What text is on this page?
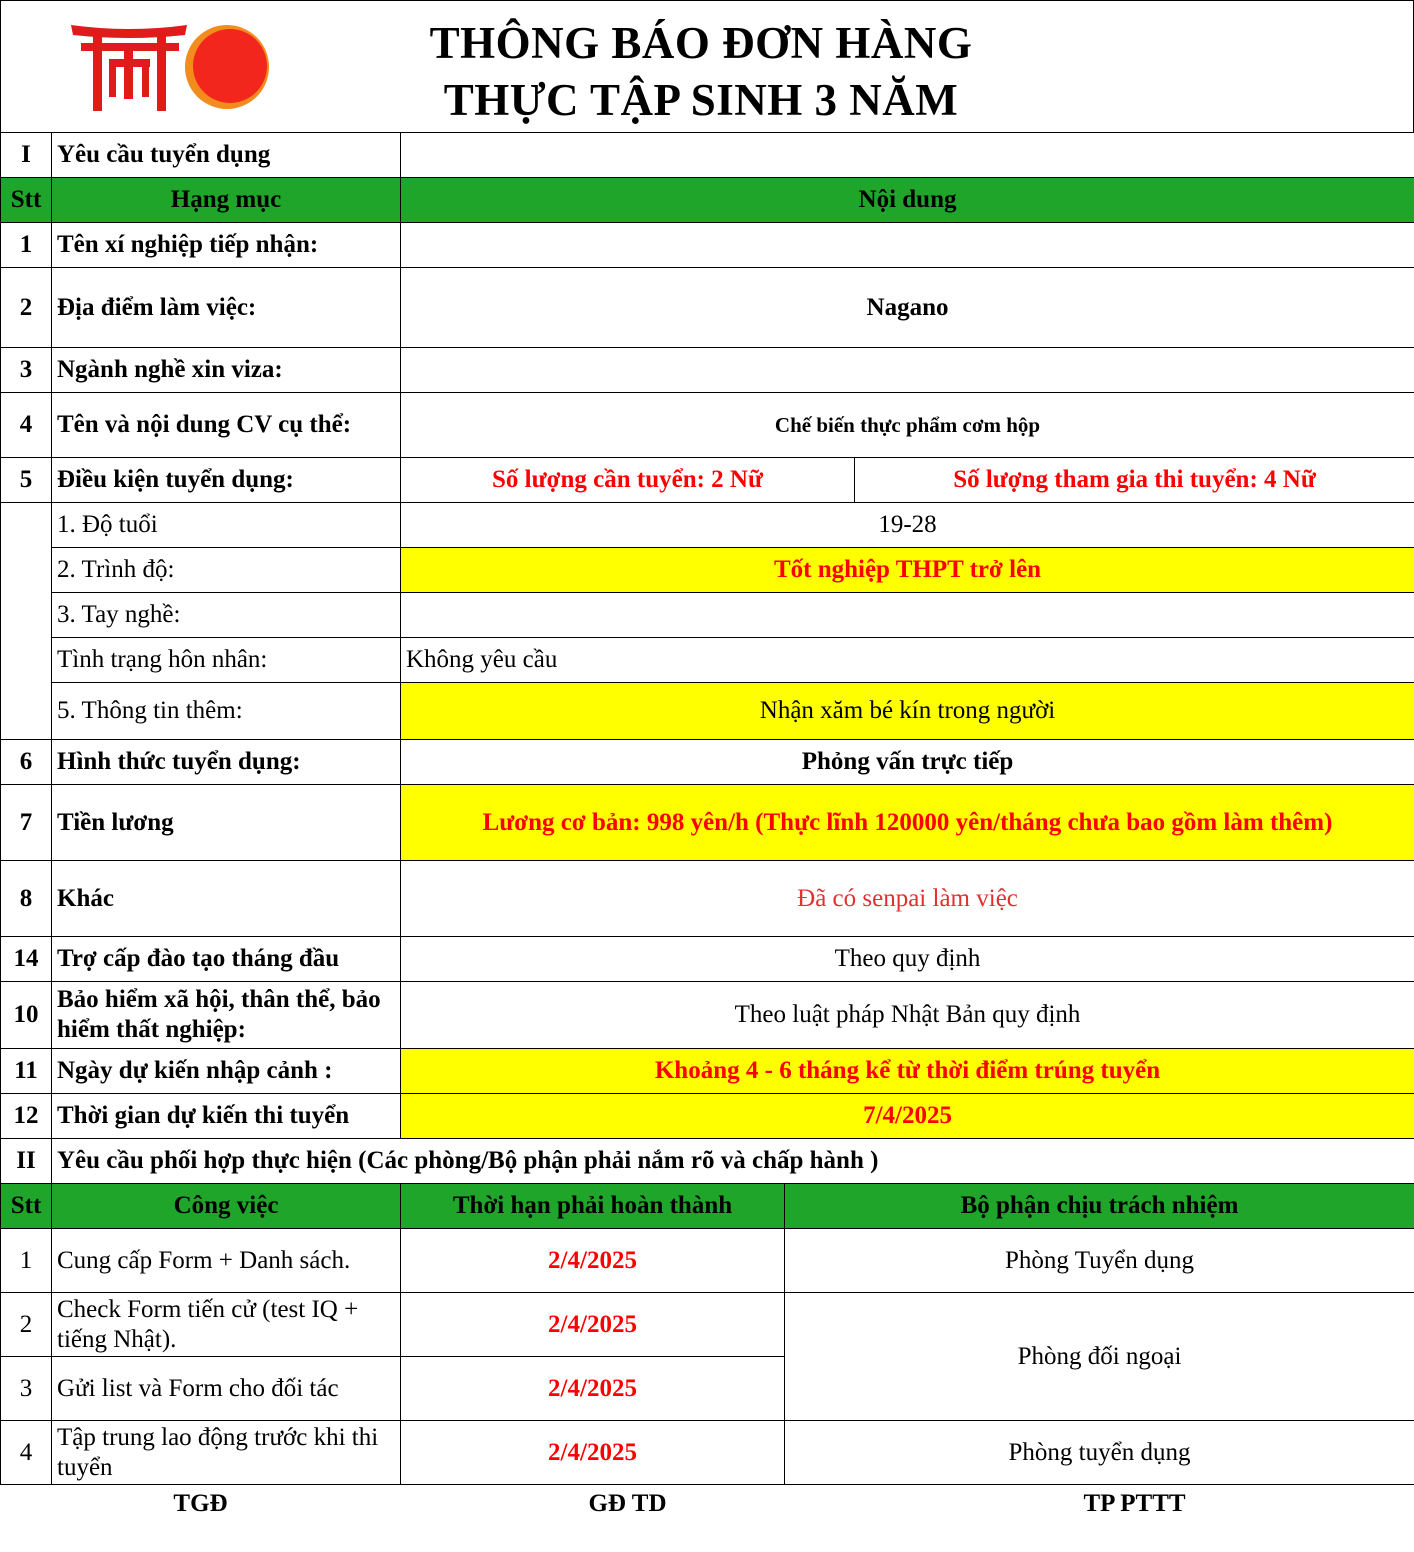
THÔNG BÁO ĐƠN HÀNG
THỰC TẬP SINH 3 NĂM
I	Yêu cầu tuyển dụng			
Stt	Hạng mục	Nội dung		
1	Tên xí nghiệp tiếp nhận:			
2	Địa điểm làm việc:	Nagano		
3	Ngành nghề xin viza:			
4	Tên và nội dung CV cụ thể:	Chế biến thực phẩm cơm hộp		
5	Điều kiện tuyển dụng:	Số lượng cần tuyển: 2 Nữ		Số lượng tham gia thi tuyển: 4 Nữ
	1. Độ tuổi	19-28		
	2. Trình độ:	Tốt nghiệp THPT trở lên		
	3. Tay nghề:			
	Tình trạng hôn nhân:	Không yêu cầu		
	5. Thông tin thêm:	Nhận xăm bé kín trong người		
6	Hình thức tuyển dụng:	Phỏng vấn trực tiếp		
7	Tiền lương	Lương cơ bản: 998 yên/h (Thực lĩnh 120000 yên/tháng chưa bao gồm làm thêm)		
8	Khác	Đã có senpai làm việc		
14	Trợ cấp đào tạo tháng đầu	Theo quy định		
10	Bảo hiểm xã hội, thân thể, bảo hiểm thất nghiệp:	Theo luật pháp Nhật Bản quy định		
11	Ngày dự kiến nhập cảnh :	Khoảng 4 - 6 tháng kể từ thời điểm trúng tuyển		
12	Thời gian dự kiến thi tuyển	7/4/2025		
II	Yêu cầu phối hợp thực hiện (Các phòng/Bộ phận phải nắm rõ và chấp hành )			
Stt	Công việc	Thời hạn phải hoàn thành	Bộ phận chịu trách nhiệm	
1	Cung cấp Form + Danh sách.	2/4/2025	Phòng Tuyển dụng	
2	Check Form tiến cử (test IQ + tiếng Nhật).	2/4/2025	Phòng đối ngoại	
3	Gửi list và Form cho đối tác	2/4/2025		
4	Tập trung lao động trước khi thi tuyển	2/4/2025	Phòng tuyển dụng	
TGĐ		GĐ TD		TP PTTT
